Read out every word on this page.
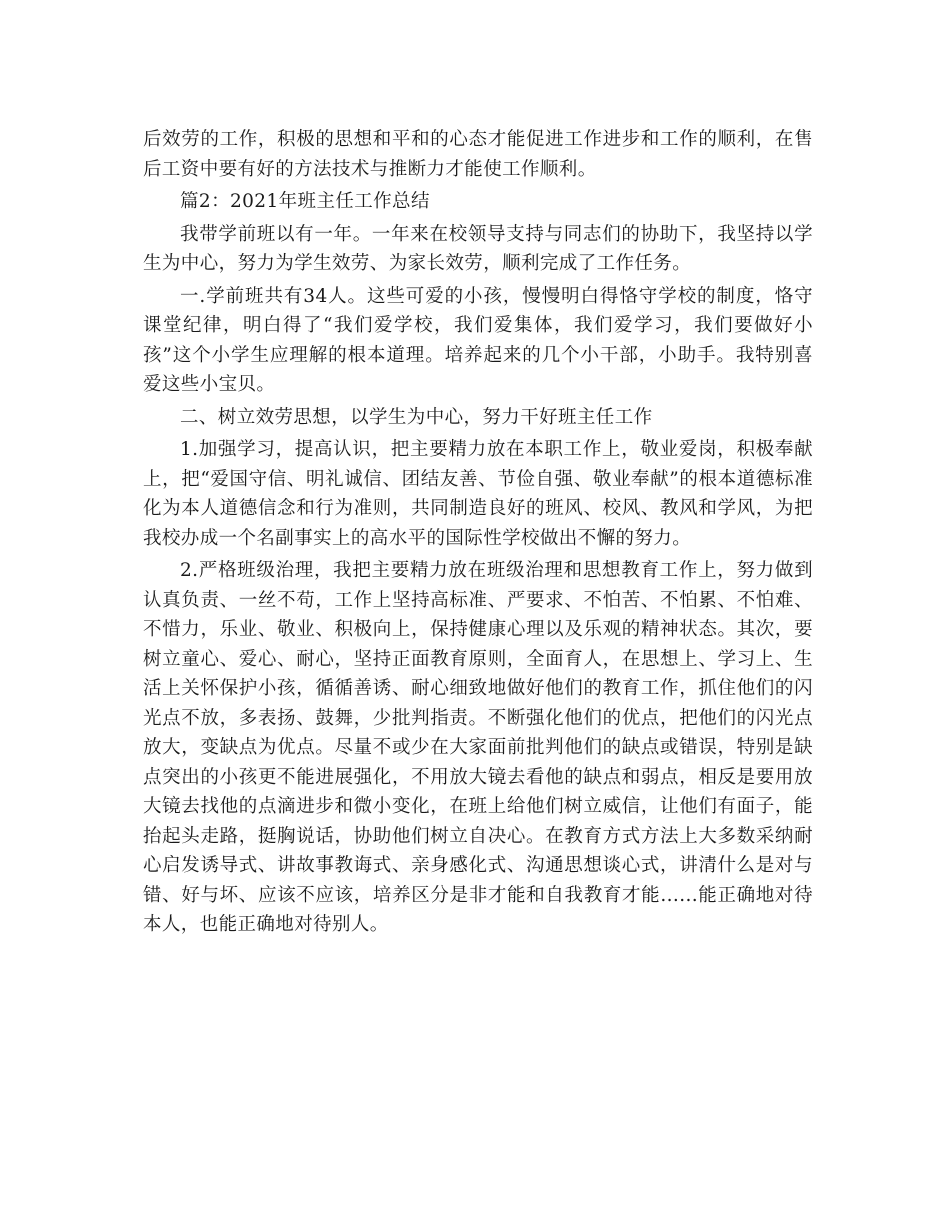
后效劳的工作，积极的思想和平和的心态才能促进工作进步和工作的顺利，在售后工资中要有好的方法技术与推断力才能使工作顺利。

篇2：2021年班主任工作总结

我带学前班以有一年。一年来在校领导支持与同志们的协助下，我坚持以学生为中心，努力为学生效劳、为家长效劳，顺利完成了工作任务。

一.学前班共有34人。这些可爱的小孩，慢慢明白得恪守学校的制度，恪守课堂纪律，明白得了“我们爱学校，我们爱集体，我们爱学习，我们要做好小孩”这个小学生应理解的根本道理。培养起来的几个小干部，小助手。我特别喜爱这些小宝贝。

二、树立效劳思想，以学生为中心，努力干好班主任工作

1.加强学习，提高认识，把主要精力放在本职工作上，敬业爱岗，积极奉献上，把“爱国守信、明礼诚信、团结友善、节俭自强、敬业奉献”的根本道德标准化为本人道德信念和行为准则，共同制造良好的班风、校风、教风和学风，为把我校办成一个名副事实上的高水平的国际性学校做出不懈的努力。

2.严格班级治理，我把主要精力放在班级治理和思想教育工作上，努力做到认真负责、一丝不苟，工作上坚持高标准、严要求、不怕苦、不怕累、不怕难、不惜力，乐业、敬业、积极向上，保持健康心理以及乐观的精神状态。其次，要树立童心、爱心、耐心，坚持正面教育原则，全面育人，在思想上、学习上、生活上关怀保护小孩，循循善诱、耐心细致地做好他们的教育工作，抓住他们的闪光点不放，多表扬、鼓舞，少批判指责。不断强化他们的优点，把他们的闪光点放大，变缺点为优点。尽量不或少在大家面前批判他们的缺点或错误，特别是缺点突出的小孩更不能进展强化，不用放大镜去看他的缺点和弱点，相反是要用放大镜去找他的点滴进步和微小变化，在班上给他们树立威信，让他们有面子，能抬起头走路，挺胸说话，协助他们树立自决心。在教育方式方法上大多数采纳耐心启发诱导式、讲故事教诲式、亲身感化式、沟通思想谈心式，讲清什么是对与错、好与坏、应该不应该，培养区分是非才能和自我教育才能......能正确地对待本人，也能正确地对待别人。
